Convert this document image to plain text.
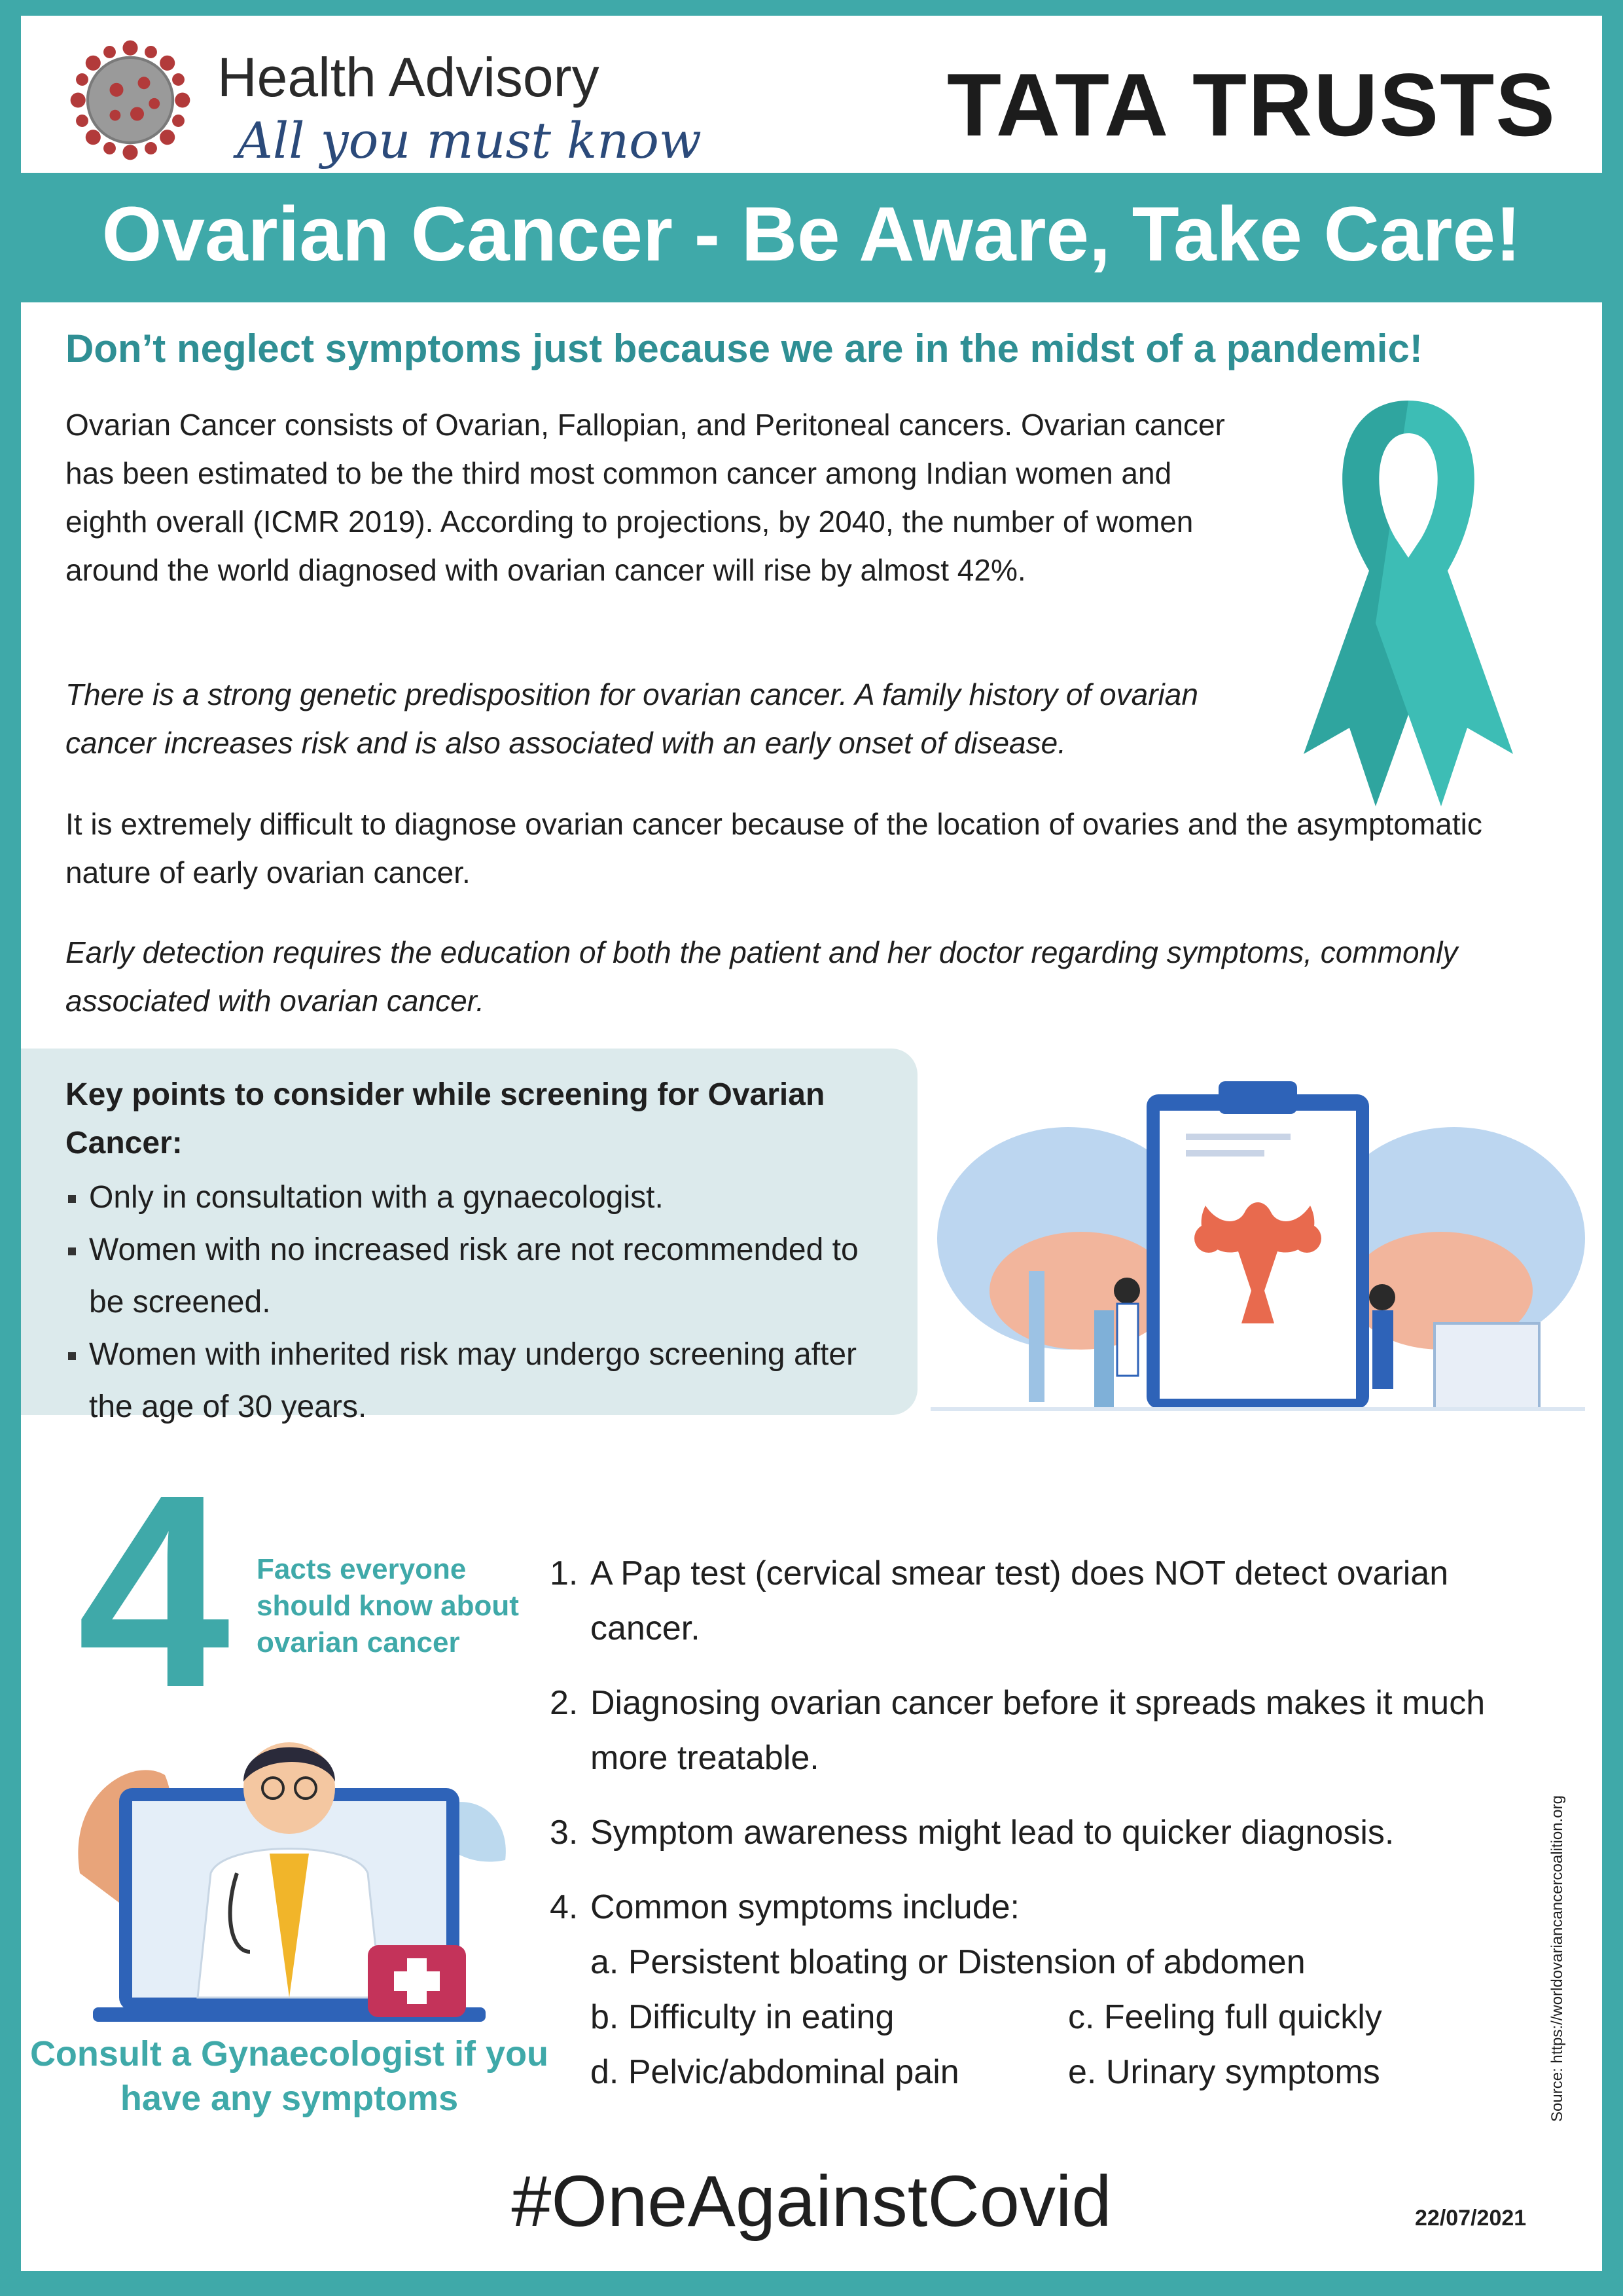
Health Advisory
All you must know	TATA TRUSTS
Ovarian Cancer - Be Aware, Take Care!
Don’t neglect symptoms just because we are in the midst of a pandemic!

Ovarian Cancer consists of Ovarian, Fallopian, and Peritoneal cancers. Ovarian cancer has been estimated to be the third most common cancer among Indian women and eighth overall (ICMR 2019). According to projections, by 2040, the number of women around the world diagnosed with ovarian cancer will rise by almost 42%.

There is a strong genetic predisposition for ovarian cancer. A family history of ovarian cancer increases risk and is also associated with an early onset of disease.

It is extremely difficult to diagnose ovarian cancer because of the location of ovaries and the asymptomatic nature of early ovarian cancer.

Early detection requires the education of both the patient and her doctor regarding symptoms, commonly associated with ovarian cancer.

Key points to consider while screening for Ovarian Cancer:
Only in consultation with a gynaecologist.
Women with no increased risk are not recommended to be screened.
Women with inherited risk may undergo screening after the age of 30 years.
4 Facts everyone should know about ovarian cancer
Consult a Gynaecologist if you have any symptoms
1. A Pap test (cervical smear test) does NOT detect ovarian cancer.
2. Diagnosing ovarian cancer before it spreads makes it much more treatable.
3. Symptom awareness might lead to quicker diagnosis.
4. Common symptoms include:
a. Persistent bloating or Distension of abdomen
b. Difficulty in eating	c. Feeling full quickly
d. Pelvic/abdominal pain	e. Urinary symptoms	Source: https://worldovariancancercoalition.org
#OneAgainstCovid	22/07/2021
